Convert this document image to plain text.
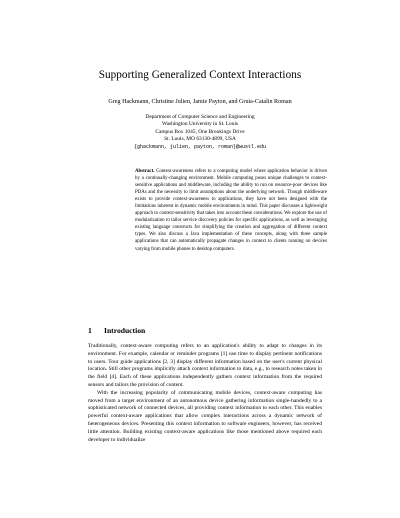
Supporting Generalized Context Interactions
Greg Hackmann, Christine Julien, Jamie Payton, and Gruia-Catalin Roman
Department of Computer Science and Engineering
Washington University in St. Louis
Campus Box 1045, One Brookings Drive
St. Louis, MO 63130-4899, USA
{ghackmann, julien, payton, roman}@wustl.edu

Abstract. Context-awareness refers to a computing model where application behavior is driven by a continually-changing environment. Mobile computing poses unique challenges to context-sensitive applications and middleware, including the ability to run on resource-poor devices like PDAs and the necessity to limit assumptions about the underlying network. Though middleware exists to provide context-awareness to applications, they have not been designed with the limitations inherent in dynamic mobile environments in mind. This paper discusses a lightweight approach to context-sensitivity that takes into account these considerations. We explore the use of modularization to tailor service discovery policies for specific applications, as well as leveraging existing language constructs for simplifying the creation and aggregation of different context types. We also discuss a Java implementation of these concepts, along with three sample applications that can automatically propagate changes in context to clients running on devices varying from mobile phones to desktop computers.

1 Introduction

Traditionally, context-aware computing refers to an application's ability to adapt to changes in its environment. For example, calendar or reminder programs [1] use time to display pertinent notifications to users. Tour guide applications [2, 3] display different information based on the user's current physical location. Still other programs implicitly attach context information to data, e.g., to research notes taken in the field [4]. Each of these applications independently gathers context information from the required sensors and tailors the provision of content.

With the increasing popularity of communicating mobile devices, context-aware computing has moved from a target environment of an autonomous device gathering information single-handedly to a sophisticated network of connected devices, all providing context information to each other. This enables powerful context-aware applications that allow complex interactions across a dynamic network of heterogeneous devices. Presenting this context information to software engineers, however, has received little attention. Building existing context-aware applications like those mentioned above required each developer to individualize
